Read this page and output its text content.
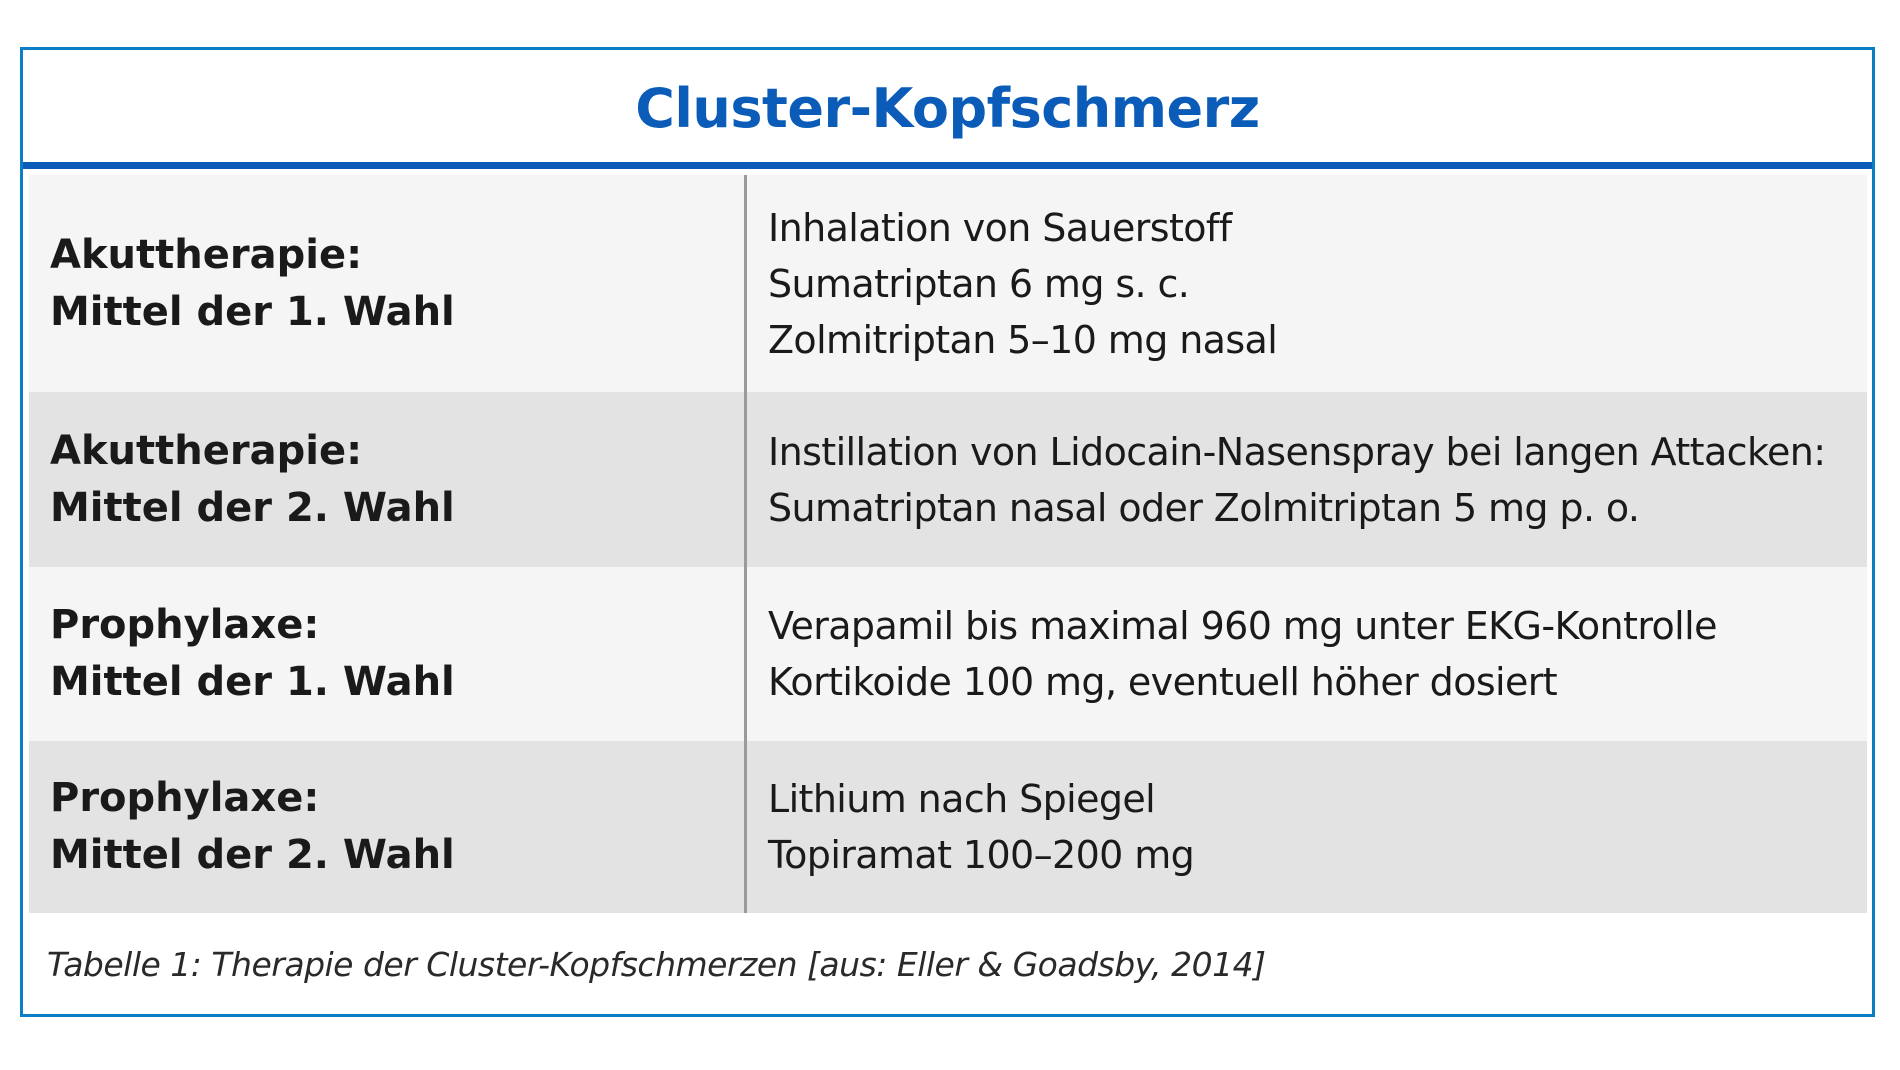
Cluster-Kopfschmerz
Akuttherapie:
Mittel der 1. Wahl
Inhalation von Sauerstoff
Sumatriptan 6 mg s. c.
Zolmitriptan 5–10 mg nasal
Akuttherapie:
Mittel der 2. Wahl
Instillation von Lidocain-Nasenspray bei langen Attacken:
Sumatriptan nasal oder Zolmitriptan 5 mg p. o.
Prophylaxe:
Mittel der 1. Wahl
Verapamil bis maximal 960 mg unter EKG-Kontrolle
Kortikoide 100 mg, eventuell höher dosiert
Prophylaxe:
Mittel der 2. Wahl
Lithium nach Spiegel
Topiramat 100–200 mg
Tabelle 1: Therapie der Cluster-Kopfschmerzen [aus: Eller & Goadsby, 2014]
